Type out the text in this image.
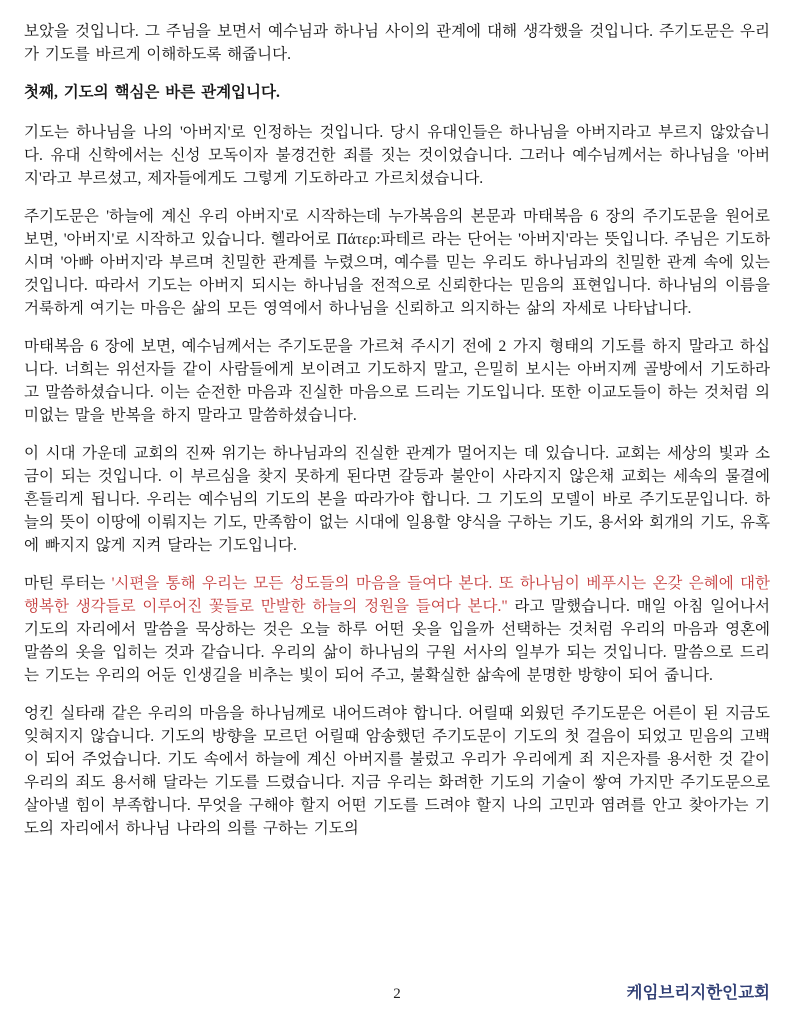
보았을 것입니다. 그 주님을 보면서 예수님과 하나님 사이의 관계에 대해 생각했을 것입니다. 주기도문은 우리가 기도를 바르게 이해하도록 해줍니다.

첫째, 기도의 핵심은 바른 관계입니다.

기도는 하나님을 나의 '아버지'로 인정하는 것입니다. 당시 유대인들은 하나님을 아버지라고 부르지 않았습니다. 유대 신학에서는 신성 모독이자 불경건한 죄를 짓는 것이었습니다. 그러나 예수님께서는 하나님을 '아버지'라고 부르셨고, 제자들에게도 그렇게 기도하라고 가르치셨습니다.

주기도문은 '하늘에 계신 우리 아버지'로 시작하는데 누가복음의 본문과 마태복음 6 장의 주기도문을 원어로 보면, '아버지'로 시작하고 있습니다. 헬라어로 Πάτερ:파테르 라는 단어는 '아버지'라는 뜻입니다. 주님은 기도하시며 '아빠 아버지'라 부르며 친밀한 관계를 누렸으며, 예수를 믿는 우리도 하나님과의 친밀한 관계 속에 있는 것입니다. 따라서 기도는 아버지 되시는 하나님을 전적으로 신뢰한다는 믿음의 표현입니다. 하나님의 이름을 거룩하게 여기는 마음은 삶의 모든 영역에서 하나님을 신뢰하고 의지하는 삶의 자세로 나타납니다.

마태복음 6 장에 보면, 예수님께서는 주기도문을 가르쳐 주시기 전에 2 가지 형태의 기도를 하지 말라고 하십니다. 너희는 위선자들 같이 사람들에게 보이려고 기도하지 말고, 은밀히 보시는 아버지께 골방에서 기도하라고 말씀하셨습니다. 이는 순전한 마음과 진실한 마음으로 드리는 기도입니다. 또한 이교도들이 하는 것처럼 의미없는 말을 반복을 하지 말라고 말씀하셨습니다.

이 시대 가운데 교회의 진짜 위기는 하나님과의 진실한 관계가 멀어지는 데 있습니다. 교회는 세상의 빛과 소금이 되는 것입니다. 이 부르심을 찾지 못하게 된다면 갈등과 불안이 사라지지 않은채 교회는 세속의 물결에 흔들리게 됩니다. 우리는 예수님의 기도의 본을 따라가야 합니다. 그 기도의 모델이 바로 주기도문입니다. 하늘의 뜻이 이땅에 이뤄지는 기도, 만족함이 없는 시대에 일용할 양식을 구하는 기도, 용서와 회개의 기도, 유혹에 빠지지 않게 지켜 달라는 기도입니다.

마틴 루터는 '시편을 통해 우리는 모든 성도들의 마음을 들여다 본다. 또 하나님이 베푸시는 온갖 은혜에 대한 행복한 생각들로 이루어진 꽃들로 만발한 하늘의 정원을 들여다 본다." 라고 말했습니다. 매일 아침 일어나서 기도의 자리에서 말씀을 묵상하는 것은 오늘 하루 어떤 옷을 입을까 선택하는 것처럼 우리의 마음과 영혼에 말씀의 옷을 입히는 것과 같습니다. 우리의 삶이 하나님의 구원 서사의 일부가 되는 것입니다. 말씀으로 드리는 기도는 우리의 어둔 인생길을 비추는 빛이 되어 주고, 불확실한 삶속에 분명한 방향이 되어 줍니다.

엉킨 실타래 같은 우리의 마음을 하나님께로 내어드려야 합니다. 어릴때 외웠던 주기도문은 어른이 된 지금도 잊혀지지 않습니다. 기도의 방향을 모르던 어릴때 암송했던 주기도문이 기도의 첫 걸음이 되었고 믿음의 고백이 되어 주었습니다. 기도 속에서 하늘에 계신 아버지를 불렀고 우리가 우리에게 죄 지은자를 용서한 것 같이 우리의 죄도 용서해 달라는 기도를 드렸습니다. 지금 우리는 화려한 기도의 기술이 쌓여 가지만 주기도문으로 살아낼 힘이 부족합니다. 무엇을 구해야 할지 어떤 기도를 드려야 할지 나의 고민과 염려를 안고 찾아가는 기도의 자리에서 하나님 나라의 의를 구하는 기도의

2	케임브리지한인교회
